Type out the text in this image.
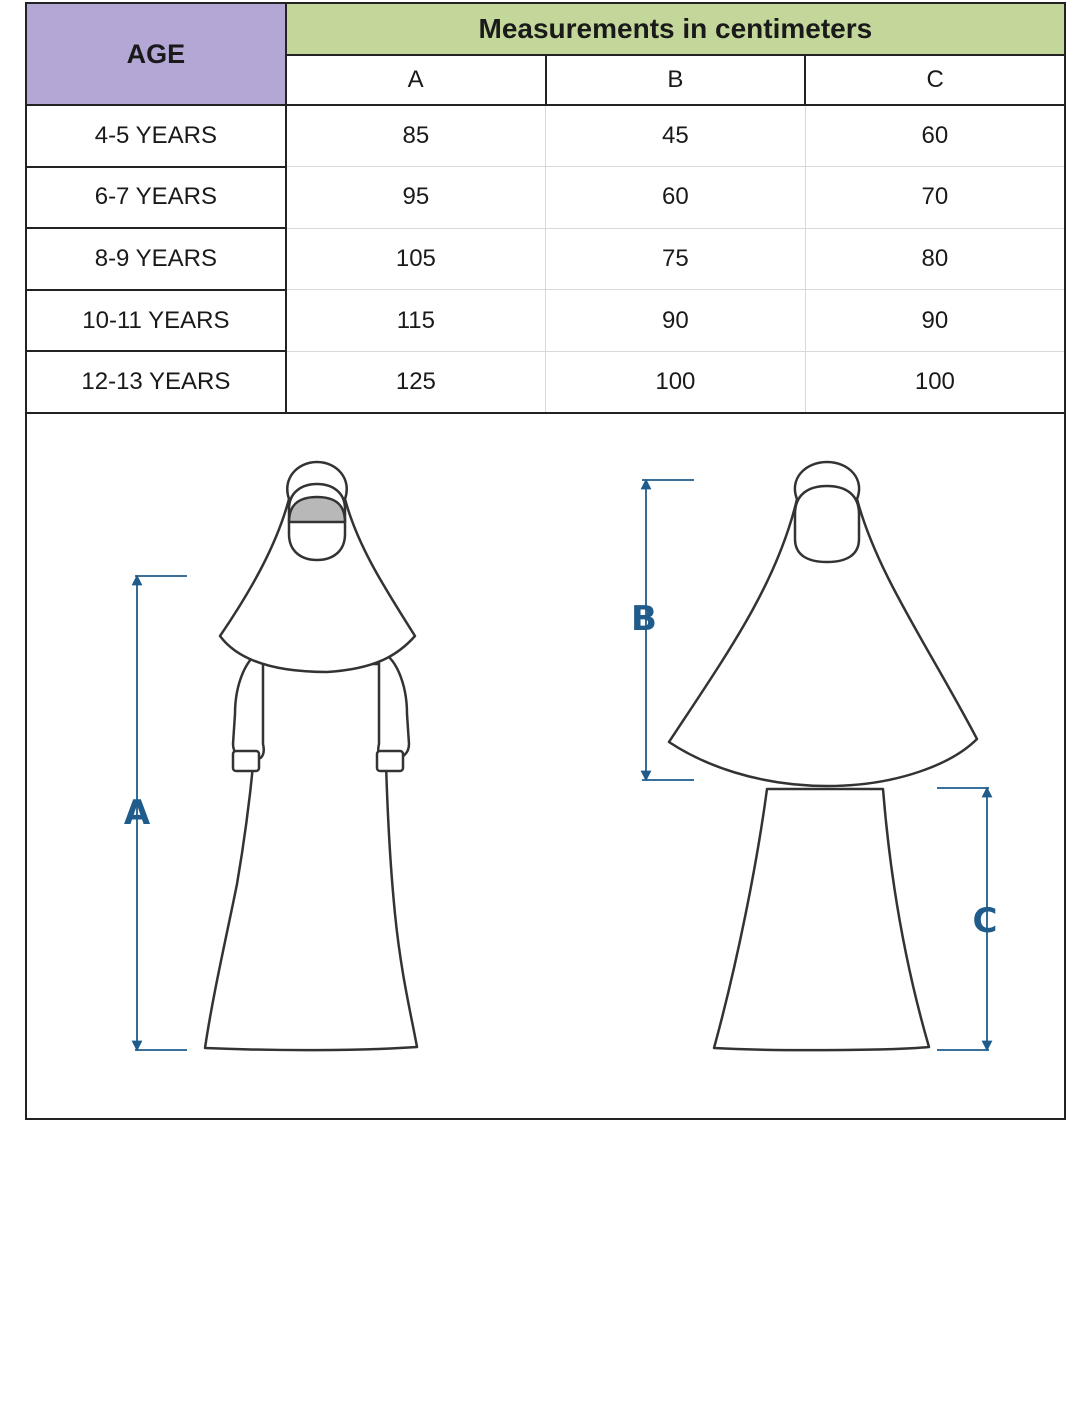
AGE	Measurements in centimeters		
	A	B	C
4-5 YEARS	85	45	60
6-7 YEARS	95	60	70
8-9 YEARS	105	75	80
10-11 YEARS	115	90	90
12-13 YEARS	125	100	100
A
B
C
